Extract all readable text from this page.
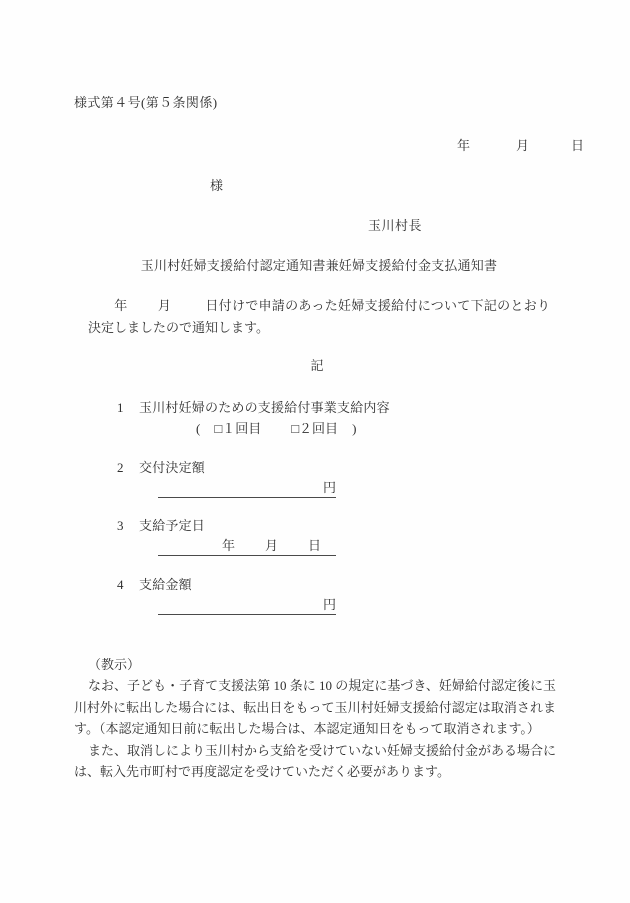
様式第４号(第５条関係)
年	月	日
様
玉川村長
玉川村妊婦支援給付認定通知書兼妊婦支援給付金支払通知書
年 月	日付けで申請のあった妊婦支援給付について下記のとおり決定しましたので通知します。
記
1 玉川村妊婦のための支援給付事業支給内容
( □１回目 □２回目 )
2 交付決定額
円
3 支給予定日
年 月 日
4 支給金額
円
（教示）

なお、子ども・子育て支援法第 10 条に 10 の規定に基づき、妊婦給付認定後に玉川村外に転出した場合には、転出日をもって玉川村妊婦支援給付認定は取消されます。（本認定通知日前に転出した場合は、本認定通知日をもって取消されます。）

また、取消しにより玉川村から支給を受けていない妊婦支援給付金がある場合には、転入先市町村で再度認定を受けていただく必要があります。
